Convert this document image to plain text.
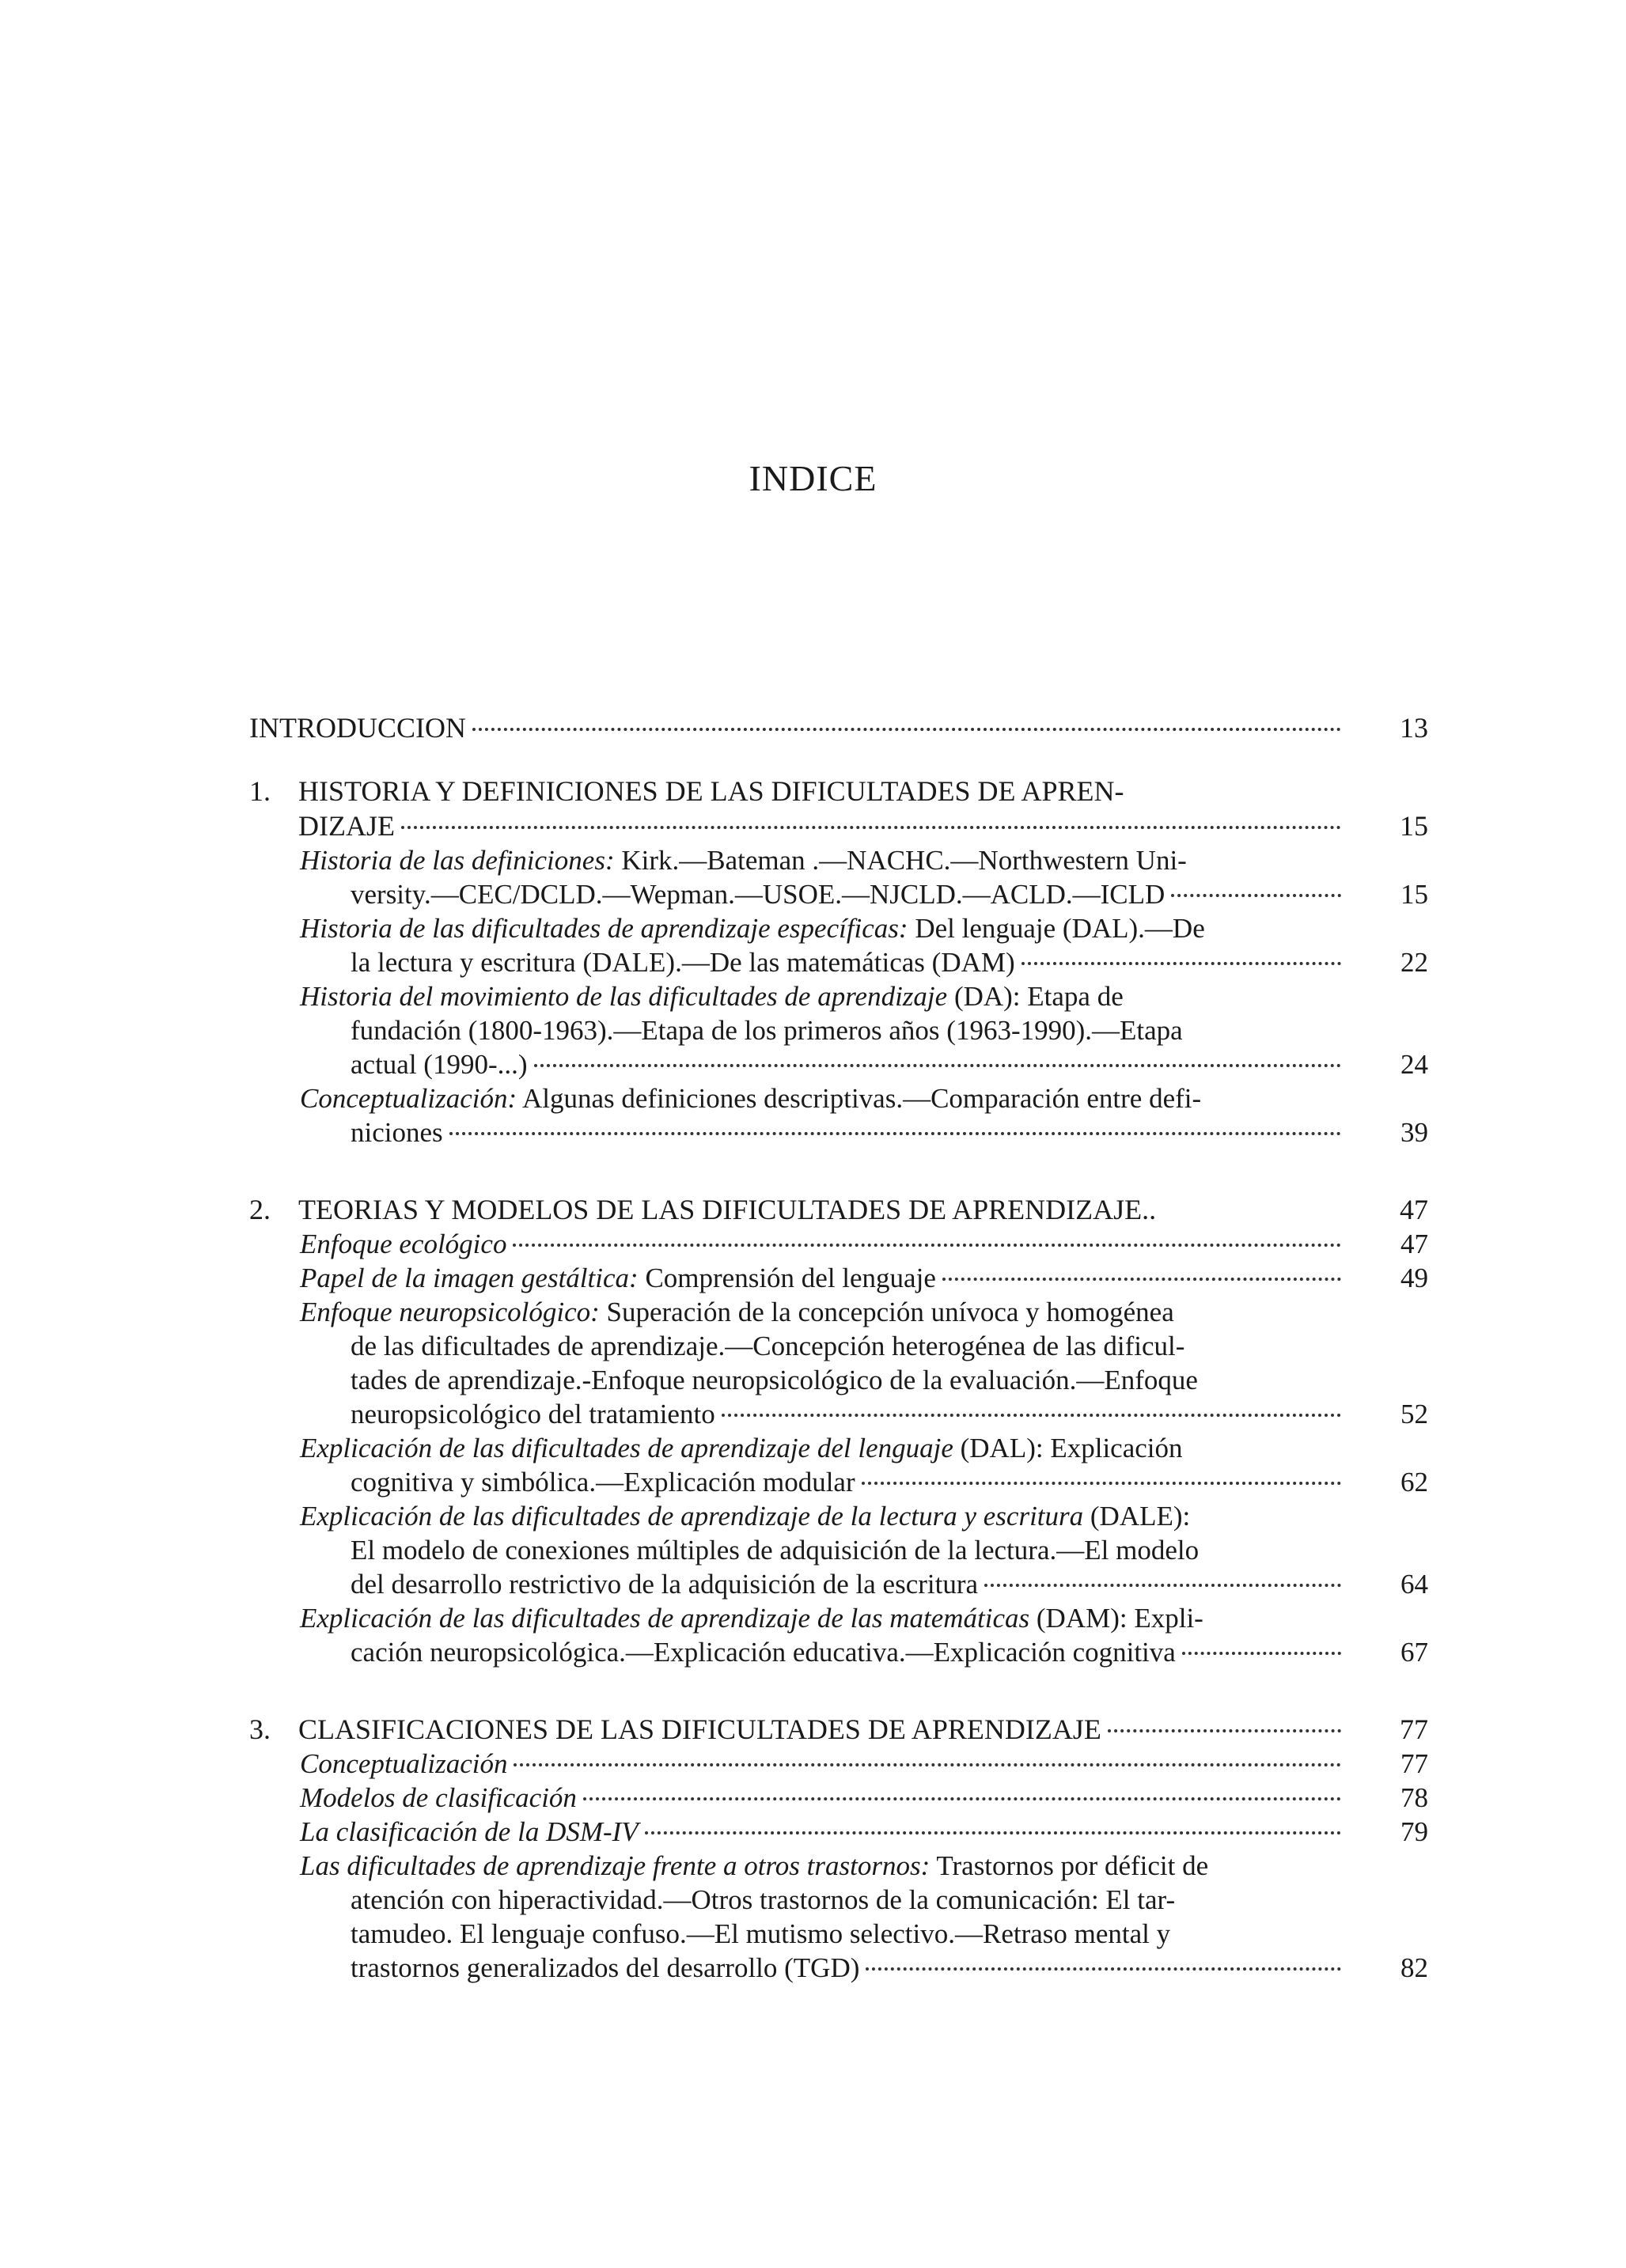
INDICE
INTRODUCCION	13
1. HISTORIA Y DEFINICIONES DE LAS DIFICULTADES DE APREN-
DIZAJE	15
Historia de las definiciones: Kirk.—Bateman .—NACHC.—Northwestern Uni-
versity.—CEC/DCLD.—Wepman.—USOE.—NJCLD.—ACLD.—ICLD	15
Historia de las dificultades de aprendizaje específicas: Del lenguaje (DAL).—De
la lectura y escritura (DALE).—De las matemáticas (DAM)	22
Historia del movimiento de las dificultades de aprendizaje (DA): Etapa de
fundación (1800-1963).—Etapa de los primeros años (1963-1990).—Etapa
actual (1990-...)	24
Conceptualización: Algunas definiciones descriptivas.—Comparación entre defi-
niciones	39
2. TEORIAS Y MODELOS DE LAS DIFICULTADES DE APRENDIZAJE..	47
Enfoque ecológico	47
Papel de la imagen gestáltica: Comprensión del lenguaje	49
Enfoque neuropsicológico: Superación de la concepción unívoca y homogénea
de las dificultades de aprendizaje.—Concepción heterogénea de las dificul-
tades de aprendizaje.-Enfoque neuropsicológico de la evaluación.—Enfoque
neuropsicológico del tratamiento	52
Explicación de las dificultades de aprendizaje del lenguaje (DAL): Explicación
cognitiva y simbólica.—Explicación modular	62
Explicación de las dificultades de aprendizaje de la lectura y escritura (DALE):
El modelo de conexiones múltiples de adquisición de la lectura.—El modelo
del desarrollo restrictivo de la adquisición de la escritura	64
Explicación de las dificultades de aprendizaje de las matemáticas (DAM): Expli-
cación neuropsicológica.—Explicación educativa.—Explicación cognitiva	67
3. CLASIFICACIONES DE LAS DIFICULTADES DE APRENDIZAJE	77
Conceptualización	77
Modelos de clasificación	78
La clasificación de la DSM-IV	79
Las dificultades de aprendizaje frente a otros trastornos: Trastornos por déficit de
atención con hiperactividad.—Otros trastornos de la comunicación: El tar-
tamudeo. El lenguaje confuso.—El mutismo selectivo.—Retraso mental y
trastornos generalizados del desarrollo (TGD)	82
